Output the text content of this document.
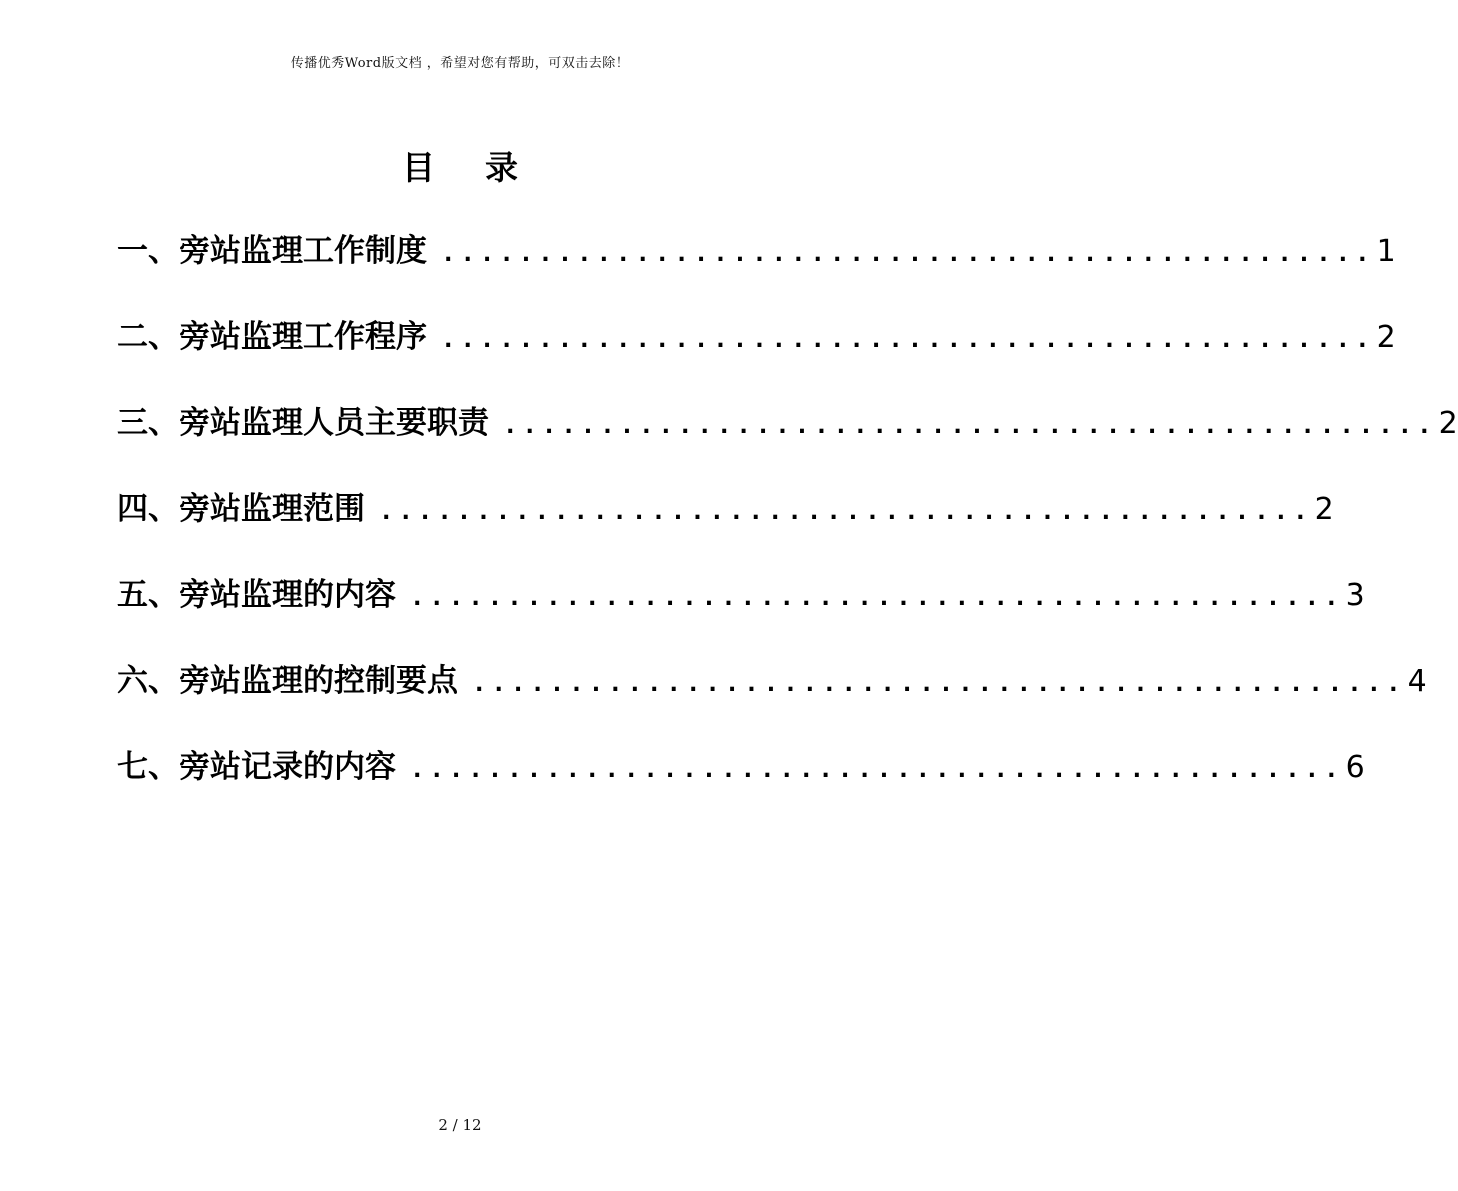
传播优秀Word版文档 ，希望对您有帮助，可双击去除！
目 录
一、旁站监理工作制度 ................................................ 1
二、旁站监理工作程序 ................................................ 2
三、旁站监理人员主要职责 ................................................ 2
四、旁站监理范围 ................................................ 2
五、旁站监理的内容 ................................................ 3
六、旁站监理的控制要点 ................................................ 4
七、旁站记录的内容 ................................................ 6
2 / 12
